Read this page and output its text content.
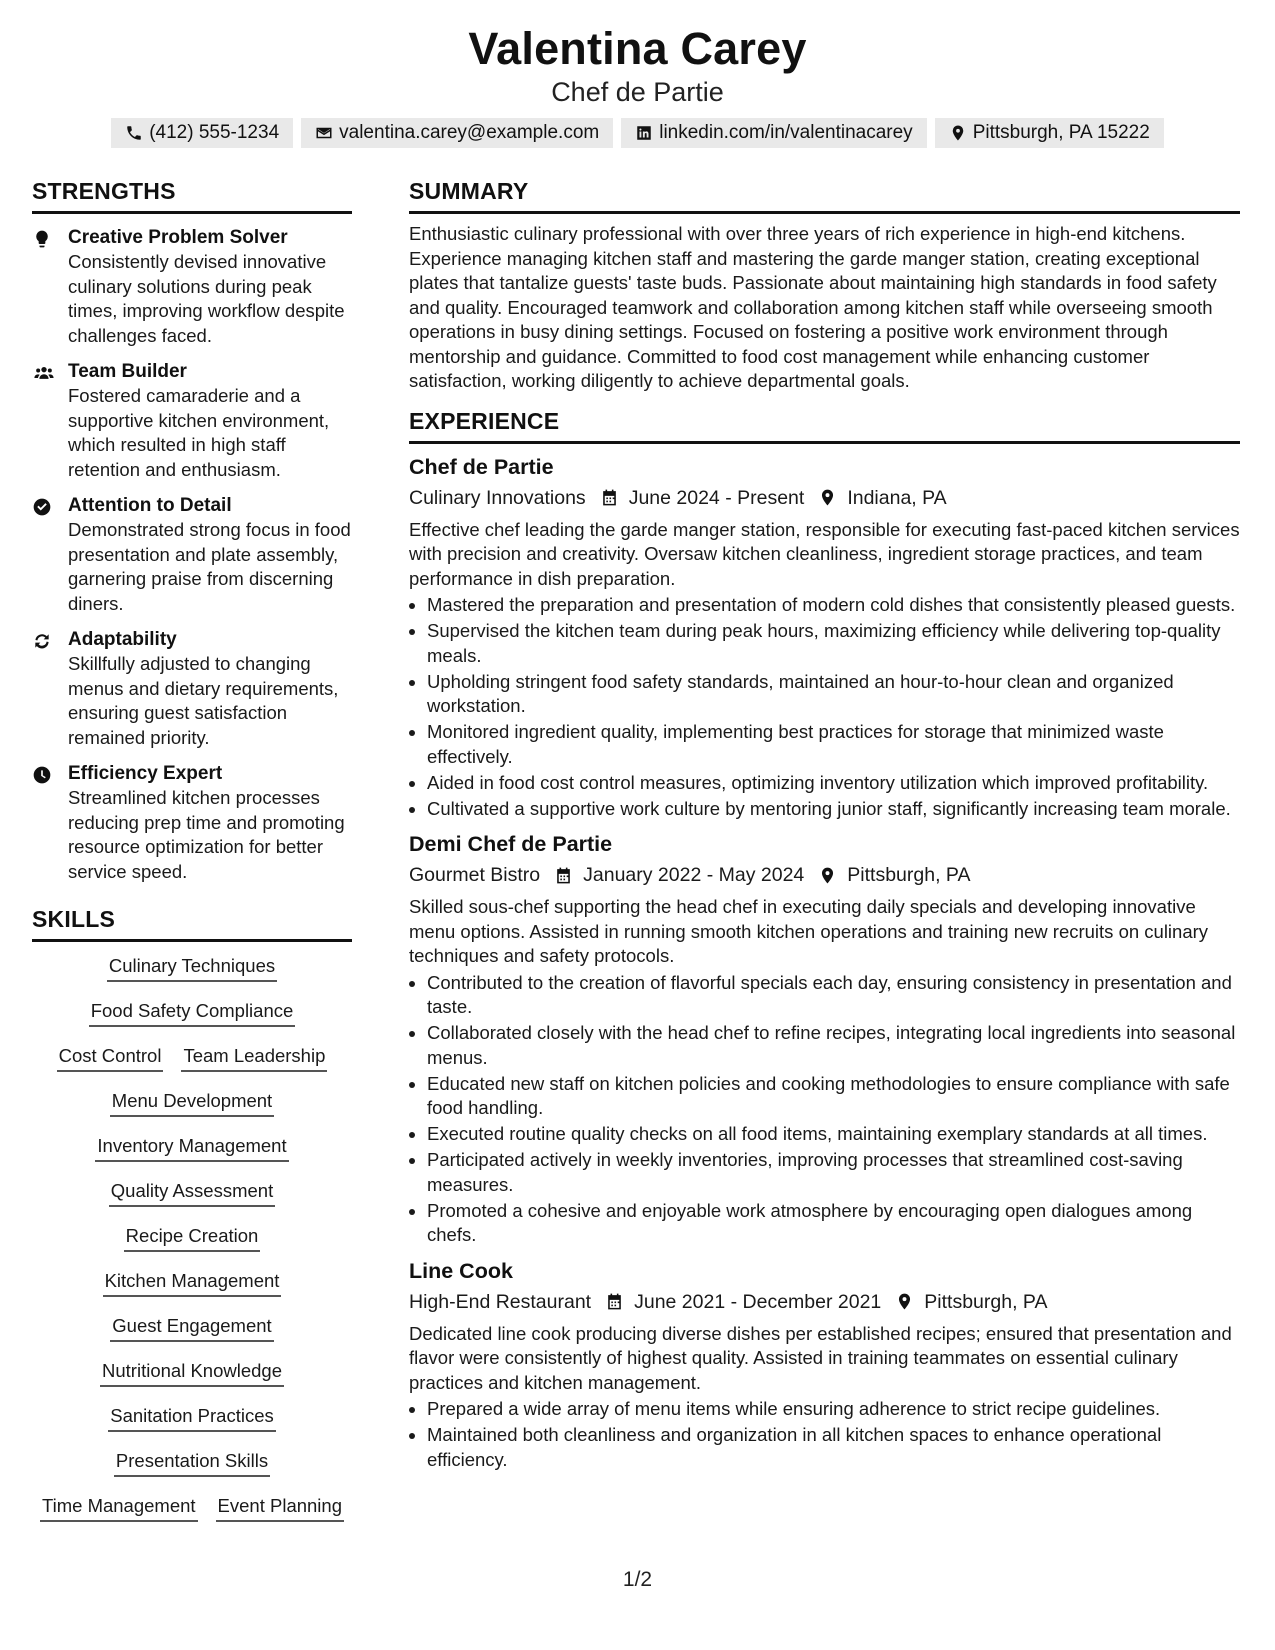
Valentina Carey
Chef de Partie
(412) 555-1234	valentina.carey@example.com	linkedin.com/in/valentinacarey	Pittsburgh, PA 15222
STRENGTHS
Creative Problem Solver
Consistently devised innovative culinary solutions during peak times, improving workflow despite challenges faced.
Team Builder
Fostered camaraderie and a supportive kitchen environment, which resulted in high staff retention and enthusiasm.
Attention to Detail
Demonstrated strong focus in food presentation and plate assembly, garnering praise from discerning diners.
Adaptability
Skillfully adjusted to changing menus and dietary requirements, ensuring guest satisfaction remained priority.
Efficiency Expert
Streamlined kitchen processes reducing prep time and promoting resource optimization for better service speed.
SKILLS
Culinary Techniques
Food Safety Compliance
Cost Control Team Leadership
Menu Development
Inventory Management
Quality Assessment
Recipe Creation
Kitchen Management
Guest Engagement
Nutritional Knowledge
Sanitation Practices
Presentation Skills
Time Management Event Planning
SUMMARY
Enthusiastic culinary professional with over three years of rich experience in high-end kitchens. Experience managing kitchen staff and mastering the garde manger station, creating exceptional plates that tantalize guests' taste buds. Passionate about maintaining high standards in food safety and quality. Encouraged teamwork and collaboration among kitchen staff while overseeing smooth operations in busy dining settings. Focused on fostering a positive work environment through mentorship and guidance. Committed to food cost management while enhancing customer satisfaction, working diligently to achieve departmental goals.
EXPERIENCE
Chef de Partie
Culinary Innovations June 2024 - Present Indiana, PA
Effective chef leading the garde manger station, responsible for executing fast-paced kitchen services with precision and creativity. Oversaw kitchen cleanliness, ingredient storage practices, and team performance in dish preparation.
• Mastered the preparation and presentation of modern cold dishes that consistently pleased guests.
• Supervised the kitchen team during peak hours, maximizing efficiency while delivering top-quality meals.
• Upholding stringent food safety standards, maintained an hour-to-hour clean and organized workstation.
• Monitored ingredient quality, implementing best practices for storage that minimized waste effectively.
• Aided in food cost control measures, optimizing inventory utilization which improved profitability.
• Cultivated a supportive work culture by mentoring junior staff, significantly increasing team morale.
Demi Chef de Partie
Gourmet Bistro January 2022 - May 2024 Pittsburgh, PA
Skilled sous-chef supporting the head chef in executing daily specials and developing innovative menu options. Assisted in running smooth kitchen operations and training new recruits on culinary techniques and safety protocols.
• Contributed to the creation of flavorful specials each day, ensuring consistency in presentation and taste.
• Collaborated closely with the head chef to refine recipes, integrating local ingredients into seasonal menus.
• Educated new staff on kitchen policies and cooking methodologies to ensure compliance with safe food handling.
• Executed routine quality checks on all food items, maintaining exemplary standards at all times.
• Participated actively in weekly inventories, improving processes that streamlined cost-saving measures.
• Promoted a cohesive and enjoyable work atmosphere by encouraging open dialogues among chefs.
Line Cook
High-End Restaurant June 2021 - December 2021 Pittsburgh, PA
Dedicated line cook producing diverse dishes per established recipes; ensured that presentation and flavor were consistently of highest quality. Assisted in training teammates on essential culinary practices and kitchen management.
• Prepared a wide array of menu items while ensuring adherence to strict recipe guidelines.
• Maintained both cleanliness and organization in all kitchen spaces to enhance operational efficiency.
1/2
